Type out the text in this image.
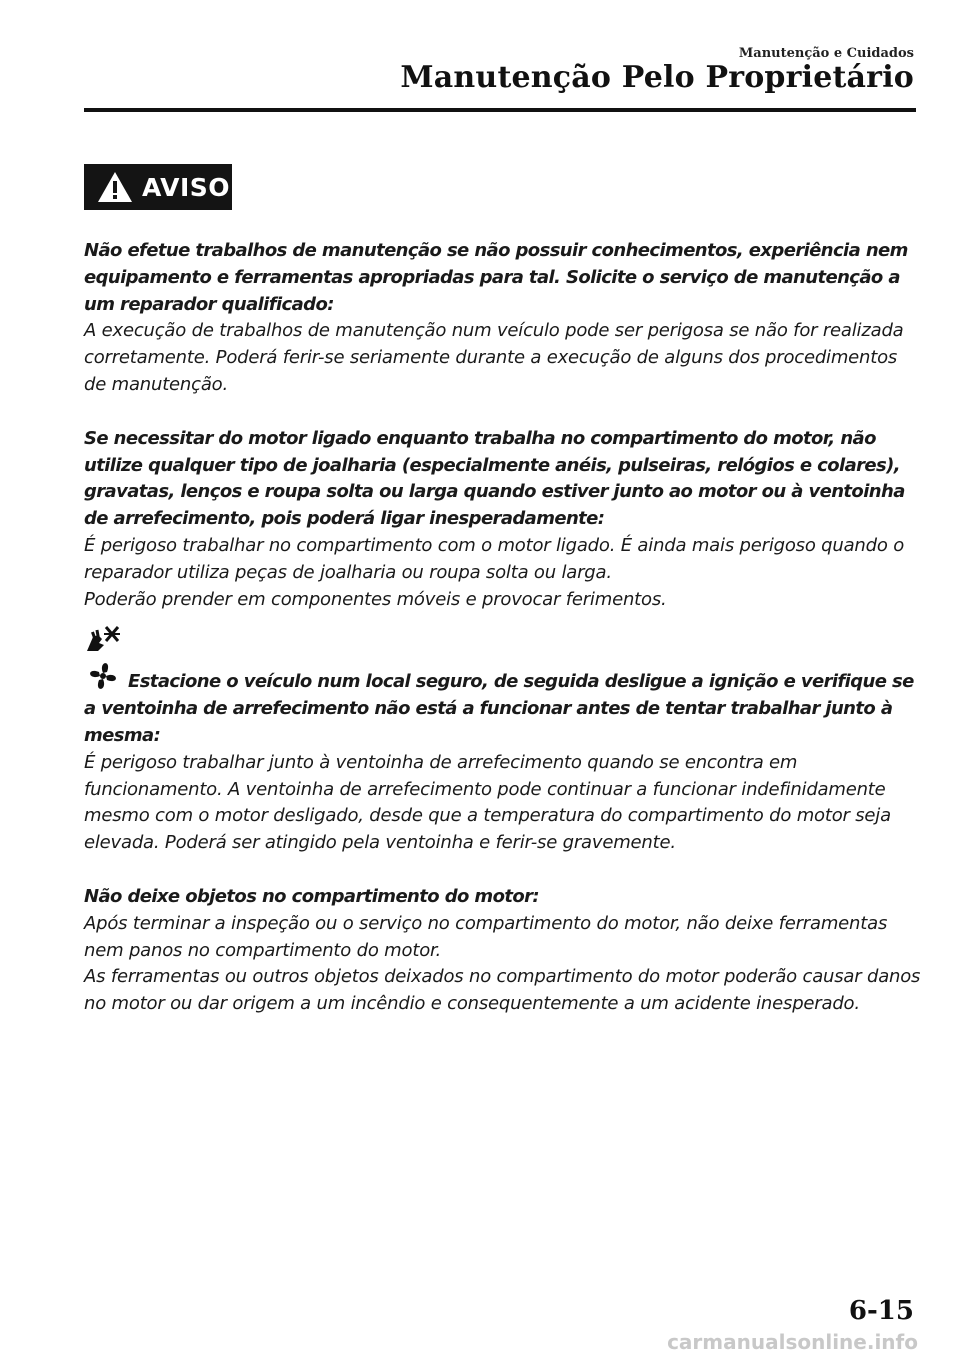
Manutenção e Cuidados
Manutenção Pelo Proprietário
AVISO

Não efetue trabalhos de manutenção se não possuir conhecimentos, experiência nem equipamento e ferramentas apropriadas para tal. Solicite o serviço de manutenção a um reparador qualificado:

A execução de trabalhos de manutenção num veículo pode ser perigosa se não for realizada corretamente. Poderá ferir-se seriamente durante a execução de alguns dos procedimentos de manutenção.

Se necessitar do motor ligado enquanto trabalha no compartimento do motor, não utilize qualquer tipo de joalharia (especialmente anéis, pulseiras, relógios e colares), gravatas, lenços e roupa solta ou larga quando estiver junto ao motor ou à ventoinha de arrefecimento, pois poderá ligar inesperadamente:

É perigoso trabalhar no compartimento com o motor ligado. É ainda mais perigoso quando o reparador utiliza peças de joalharia ou roupa solta ou larga.

Poderão prender em componentes móveis e provocar ferimentos.

Estacione o veículo num local seguro, de seguida desligue a ignição e verifique se a ventoinha de arrefecimento não está a funcionar antes de tentar trabalhar junto à mesma:

É perigoso trabalhar junto à ventoinha de arrefecimento quando se encontra em funcionamento. A ventoinha de arrefecimento pode continuar a funcionar indefinidamente mesmo com o motor desligado, desde que a temperatura do compartimento do motor seja elevada. Poderá ser atingido pela ventoinha e ferir-se gravemente.

Não deixe objetos no compartimento do motor:

Após terminar a inspeção ou o serviço no compartimento do motor, não deixe ferramentas nem panos no compartimento do motor.

As ferramentas ou outros objetos deixados no compartimento do motor poderão causar danos no motor ou dar origem a um incêndio e consequentemente a um acidente inesperado.

6-15
carmanualsonline.info
